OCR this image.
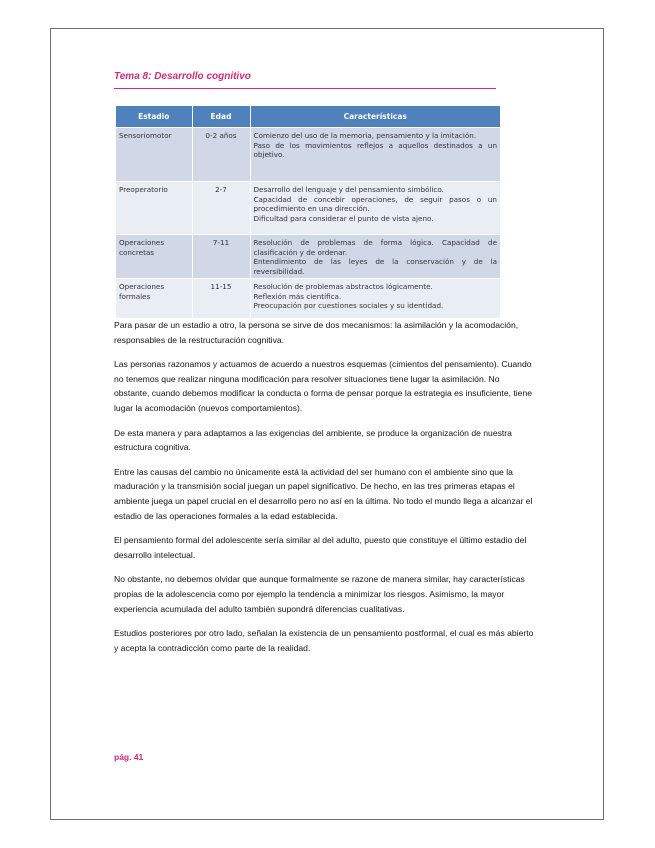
Tema 8: Desarrollo cognitivo
Estadio	Edad	Características
Sensoriomotor	0-2 años	Comienzo del uso de la memoria, pensamiento y la imitación.
Paso de los movimientos reflejos a aquellos destinados a un objetivo.

Preoperatorio	2-7	Desarrollo del lenguaje y del pensamiento simbólico.
Capacidad de concebir operaciones, de seguir pasos o un procedimiento en una dirección.
Dificultad para considerar el punto de vista ajeno.

Operaciones concretas	7-11	Resolución de problemas de forma lógica. Capacidad de clasificación y de ordenar.
Entendimiento de las leyes de la conservación y de la reversibilidad.

Operaciones formales	11-15	Resolución de problemas abstractos lógicamente.
Reflexión más científica.
Preocupación por cuestiones sociales y su identidad.

Para pasar de un estadio a otro, la persona se sirve de dos mecanismos: la asimilación y la acomodación, responsables de la restructuración cognitiva.

Las personas razonamos y actuamos de acuerdo a nuestros esquemas (cimientos del pensamiento). Cuando no tenemos que realizar ninguna modificación para resolver situaciones tiene lugar la asimilación. No obstante, cuando debemos modificar la conducta o forma de pensar porque la estrategia es insuficiente, tiene lugar la acomodación (nuevos comportamientos).

De esta manera y para adaptamos a las exigencias del ambiente, se produce la organización de nuestra estructura cognitiva.

Entre las causas del cambio no únicamente está la actividad del ser humano con el ambiente sino que la maduración y la transmisión social juegan un papel significativo. De hecho, en las tres primeras etapas el ambiente juega un papel crucial en el desarrollo pero no así en la última. No todo el mundo llega a alcanzar el estadio de las operaciones formales a la edad establecida.

El pensamiento formal del adolescente sería similar al del adulto, puesto que constituye el último estadio del desarrollo intelectual.

No obstante, no debemos olvidar que aunque formalmente se razone de manera similar, hay características propias de la adolescencia como por ejemplo la tendencia a minimizar los riesgos. Asimismo, la mayor experiencia acumulada del adulto también supondrá diferencias cualitativas.

Estudios posteriores por otro lado, señalan la existencia de un pensamiento postformal, el cual es más abierto y acepta la contradicción como parte de la realidad.

pág. 41
